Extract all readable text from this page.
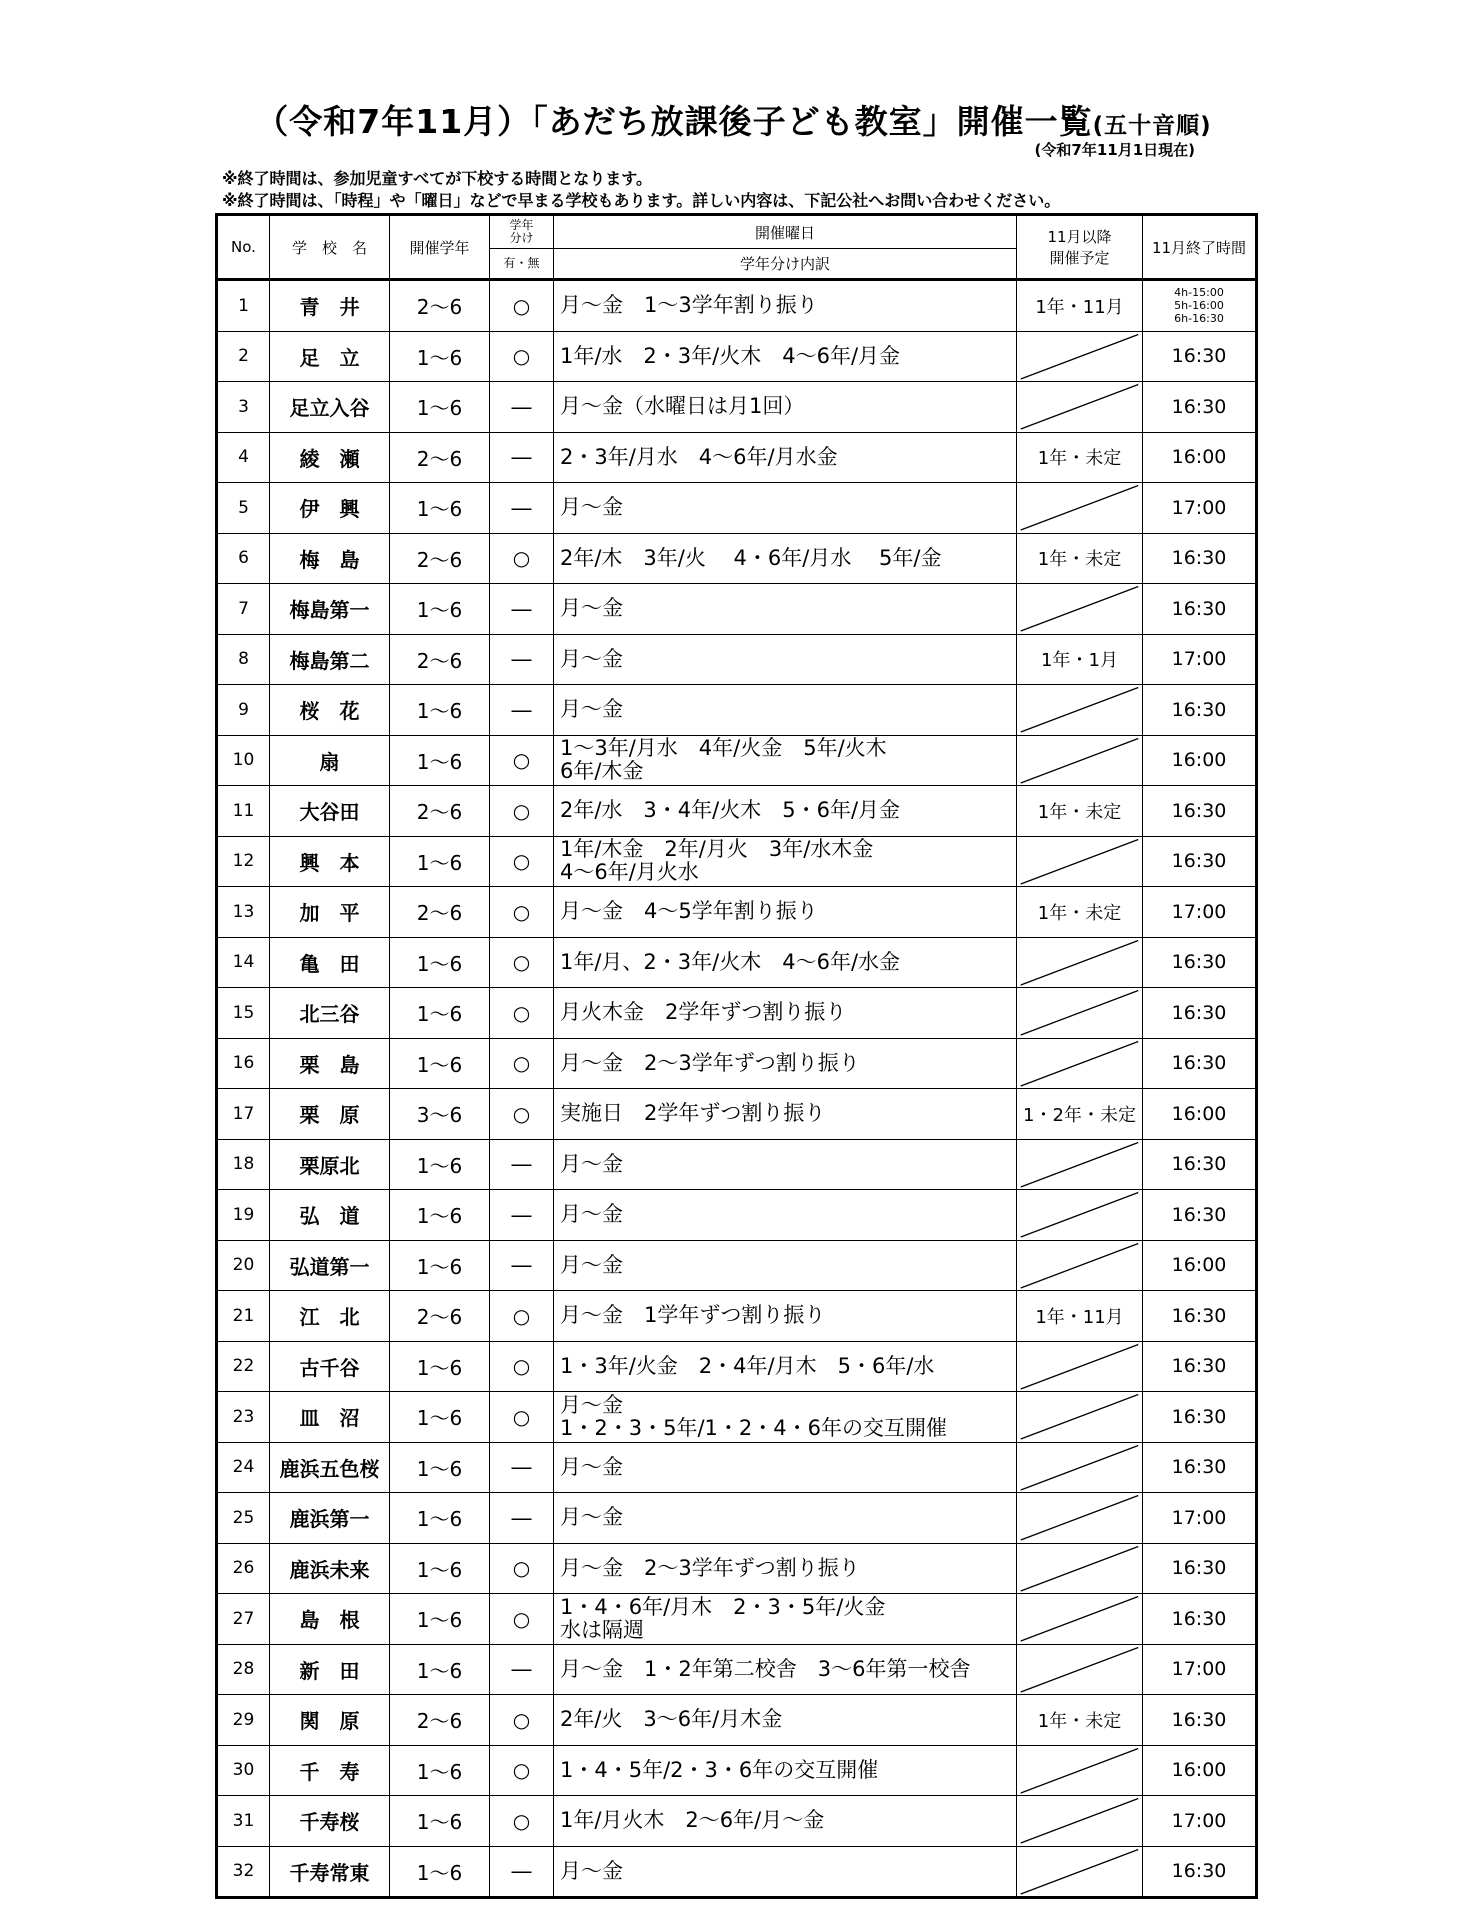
（令和7年11月）「あだち放課後子ども教室」開催一覧(五十音順)
(令和7年11月1日現在)
※終了時間は、参加児童すべてが下校する時間となります。
※終了時間は、「時程」や「曜日」などで早まる学校もあります。詳しい内容は、下記公社へお問い合わせください。
No.	学　校　名	開催学年	学年
分け	開催曜日	11月以降
開催予定	11月終了時間
			有・無	学年分け内訳		
1	青　井	2～6	○	月～金　1～3学年割り振り	1年・11月	4h-15:00
5h-16:00
6h-16:30
2	足　立	1～6	○	1年/水　2・3年/火木　4～6年/月金		16:30
3	足立入谷	1～6	―	月～金（水曜日は月1回）		16:30
4	綾　瀬	2～6	―	2・3年/月水　4～6年/月水金	1年・未定	16:00
5	伊　興	1～6	―	月～金		17:00
6	梅　島	2～6	○	2年/木　3年/火　 4・6年/月水　 5年/金	1年・未定	16:30
7	梅島第一	1～6	―	月～金		16:30
8	梅島第二	2～6	―	月～金	1年・1月	17:00
9	桜　花	1～6	―	月～金		16:30
10	扇	1～6	○	1～3年/月水　4年/火金　5年/火木
6年/木金		16:00
11	大谷田	2～6	○	2年/水　3・4年/火木　5・6年/月金	1年・未定	16:30
12	興　本	1～6	○	1年/木金　2年/月火　3年/水木金
4～6年/月火水		16:30
13	加　平	2～6	○	月～金　4～5学年割り振り	1年・未定	17:00
14	亀　田	1～6	○	1年/月、2・3年/火木　4～6年/水金		16:30
15	北三谷	1～6	○	月火木金　2学年ずつ割り振り		16:30
16	栗　島	1～6	○	月～金　2～3学年ずつ割り振り		16:30
17	栗　原	3～6	○	実施日　2学年ずつ割り振り	1・2年・未定	16:00
18	栗原北	1～6	―	月～金		16:30
19	弘　道	1～6	―	月～金		16:30
20	弘道第一	1～6	―	月～金		16:00
21	江　北	2～6	○	月～金　1学年ずつ割り振り	1年・11月	16:30
22	古千谷	1～6	○	1・3年/火金　2・4年/月木　5・6年/水		16:30
23	皿　沼	1～6	○	月～金
1・2・3・5年/1・2・4・6年の交互開催		16:30
24	鹿浜五色桜	1～6	―	月～金		16:30
25	鹿浜第一	1～6	―	月～金		17:00
26	鹿浜未来	1～6	○	月～金　2～3学年ずつ割り振り		16:30
27	島　根	1～6	○	1・4・6年/月木　2・3・5年/火金
水は隔週		16:30
28	新　田	1～6	―	月～金　1・2年第二校舎　3～6年第一校舎		17:00
29	関　原	2～6	○	2年/火　3～6年/月木金	1年・未定	16:30
30	千　寿	1～6	○	1・4・5年/2・3・6年の交互開催		16:00
31	千寿桜	1～6	○	1年/月火木　2～6年/月～金		17:00
32	千寿常東	1～6	―	月～金		16:30
